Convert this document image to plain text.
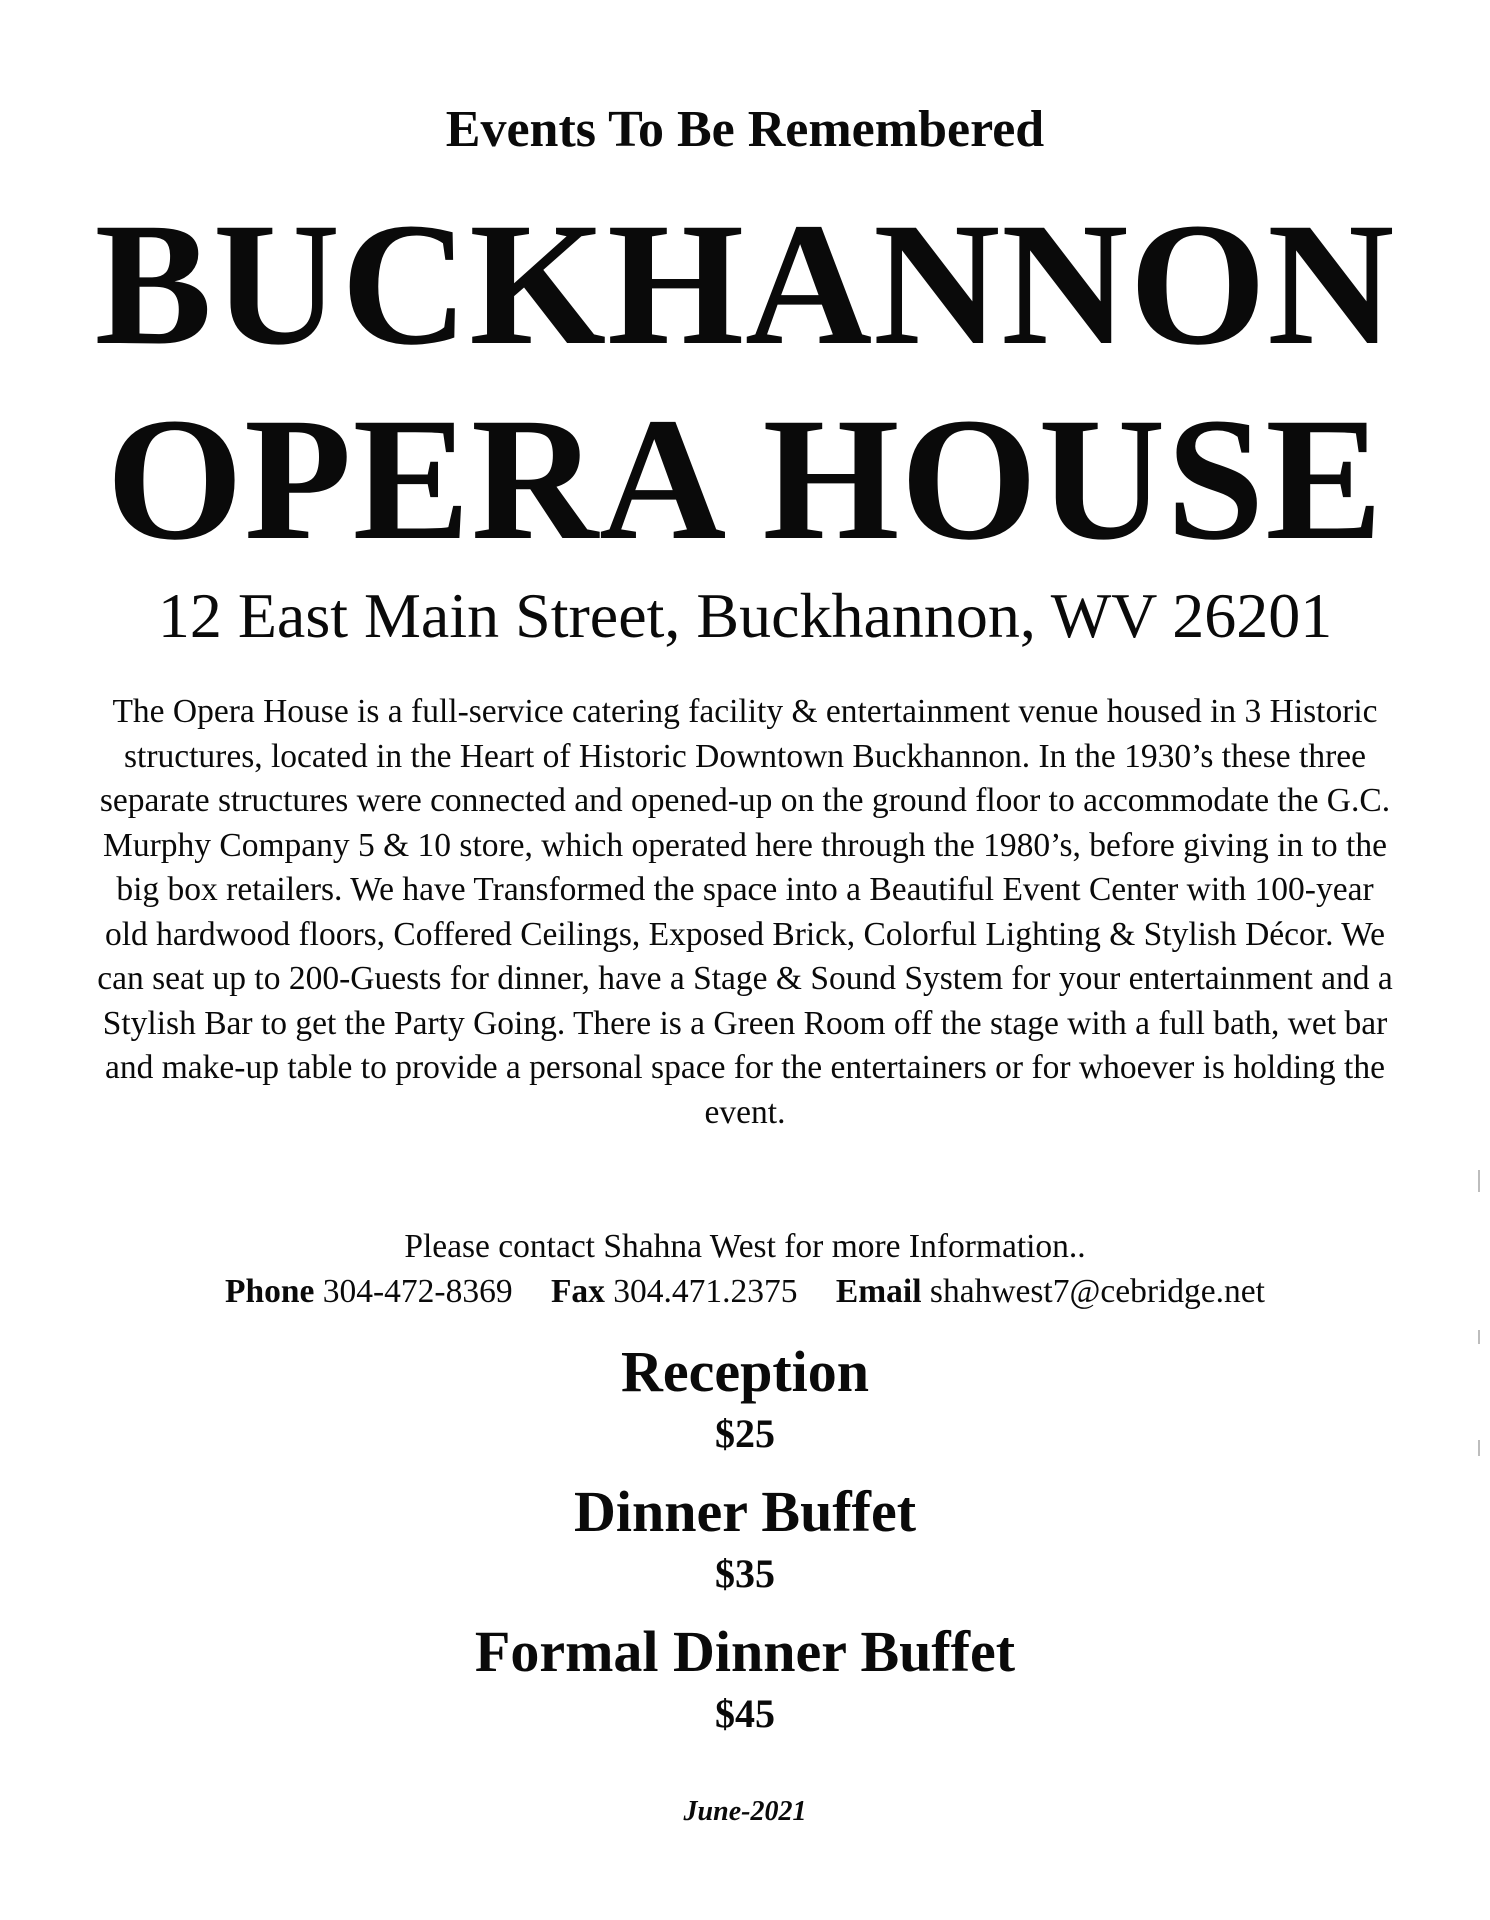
Events To Be Remembered
BUCKHANNON
OPERA HOUSE
12 East Main Street, Buckhannon, WV 26201
The Opera House is a full-service catering facility & entertainment venue housed in 3 Historic structures, located in the Heart of Historic Downtown Buckhannon. In the 1930’s these three separate structures were connected and opened-up on the ground floor to accommodate the G.C. Murphy Company 5 & 10 store, which operated here through the 1980’s, before giving in to the big box retailers. We have Transformed the space into a Beautiful Event Center with 100-year old hardwood floors, Coffered Ceilings, Exposed Brick, Colorful Lighting & Stylish Décor. We can seat up to 200-Guests for dinner, have a Stage & Sound System for your entertainment and a Stylish Bar to get the Party Going. There is a Green Room off the stage with a full bath, wet bar and make-up table to provide a personal space for the entertainers or for whoever is holding the event.
Please contact Shahna West for more Information..
Phone 304-472-8369 Fax 304.471.2375 Email shahwest7@cebridge.net
Reception
$25
Dinner Buffet
$35
Formal Dinner Buffet
$45
June-2021
